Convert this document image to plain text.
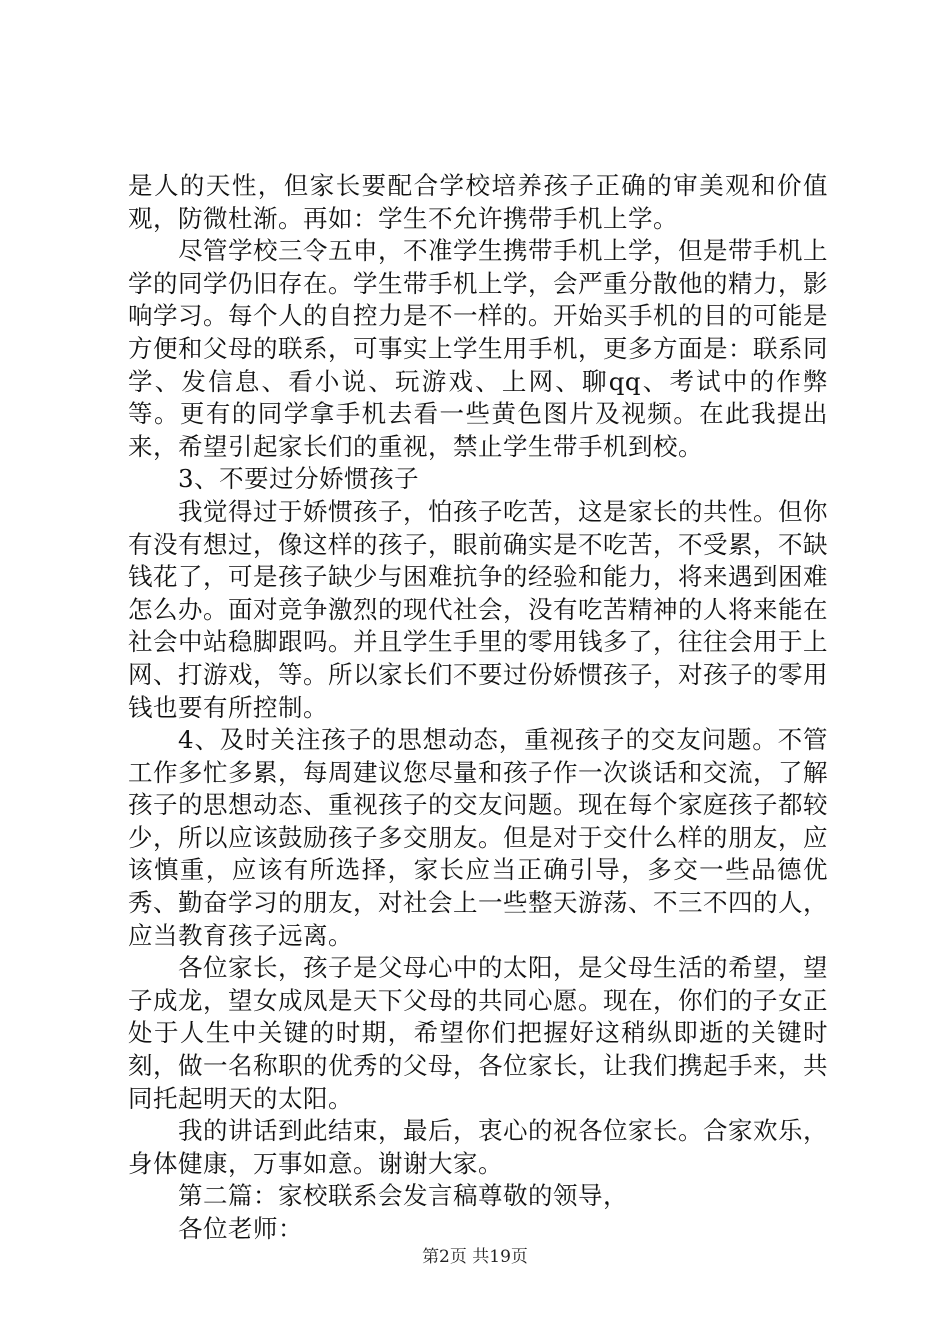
是人的天性，但家长要配合学校培养孩子正确的审美观和价值观，防微杜渐。再如：学生不允许携带手机上学。

尽管学校三令五申，不准学生携带手机上学，但是带手机上学的同学仍旧存在。学生带手机上学，会严重分散他的精力，影响学习。每个人的自控力是不一样的。开始买手机的目的可能是方便和父母的联系，可事实上学生用手机，更多方面是：联系同学、发信息、看小说、玩游戏、上网、聊qq、考试中的作弊等。更有的同学拿手机去看一些黄色图片及视频。在此我提出来，希望引起家长们的重视，禁止学生带手机到校。

3、不要过分娇惯孩子

我觉得过于娇惯孩子，怕孩子吃苦，这是家长的共性。但你有没有想过，像这样的孩子，眼前确实是不吃苦，不受累，不缺钱花了，可是孩子缺少与困难抗争的经验和能力，将来遇到困难怎么办。面对竞争激烈的现代社会，没有吃苦精神的人将来能在社会中站稳脚跟吗。并且学生手里的零用钱多了，往往会用于上网、打游戏，等。所以家长们不要过份娇惯孩子，对孩子的零用钱也要有所控制。

4、及时关注孩子的思想动态，重视孩子的交友问题。不管工作多忙多累，每周建议您尽量和孩子作一次谈话和交流，了解孩子的思想动态、重视孩子的交友问题。现在每个家庭孩子都较少，所以应该鼓励孩子多交朋友。但是对于交什么样的朋友，应该慎重，应该有所选择，家长应当正确引导，多交一些品德优秀、勤奋学习的朋友，对社会上一些整天游荡、不三不四的人，应当教育孩子远离。

各位家长，孩子是父母心中的太阳，是父母生活的希望，望子成龙，望女成凤是天下父母的共同心愿。现在，你们的子女正处于人生中关键的时期，希望你们把握好这稍纵即逝的关键时刻，做一名称职的优秀的父母，各位家长，让我们携起手来，共同托起明天的太阳。

我的讲话到此结束，最后，衷心的祝各位家长。合家欢乐，身体健康，万事如意。谢谢大家。

第二篇：家校联系会发言稿尊敬的领导，

各位老师：

第2页 共19页
